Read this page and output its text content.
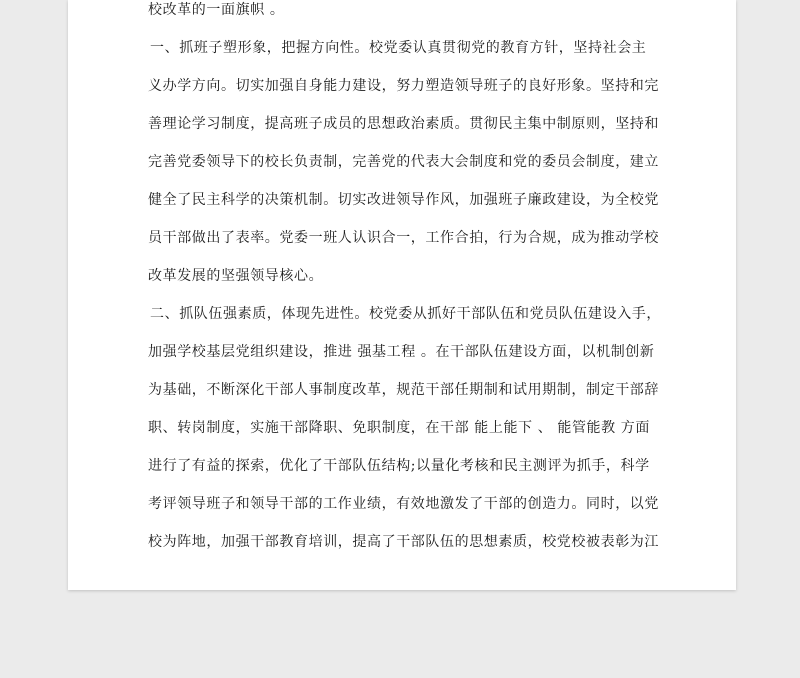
校改革的一面旗帜 。

一、抓班子塑形象，把握方向性。校党委认真贯彻党的教育方针，坚持社会主

义办学方向。切实加强自身能力建设，努力塑造领导班子的良好形象。坚持和完

善理论学习制度，提高班子成员的思想政治素质。贯彻民主集中制原则，坚持和

完善党委领导下的校长负责制，完善党的代表大会制度和党的委员会制度，建立

健全了民主科学的决策机制。切实改进领导作风，加强班子廉政建设，为全校党

员干部做出了表率。党委一班人认识合一，工作合拍，行为合规，成为推动学校

改革发展的坚强领导核心。

二、抓队伍强素质，体现先进性。校党委从抓好干部队伍和党员队伍建设入手，

加强学校基层党组织建设，推进 强基工程 。在干部队伍建设方面，以机制创新

为基础，不断深化干部人事制度改革，规范干部任期制和试用期制，制定干部辞

职、转岗制度，实施干部降职、免职制度，在干部 能上能下 、 能管能教 方面

进行了有益的探索，优化了干部队伍结构;以量化考核和民主测评为抓手，科学

考评领导班子和领导干部的工作业绩，有效地激发了干部的创造力。同时，以党

校为阵地，加强干部教育培训，提高了干部队伍的思想素质，校党校被表彰为江
